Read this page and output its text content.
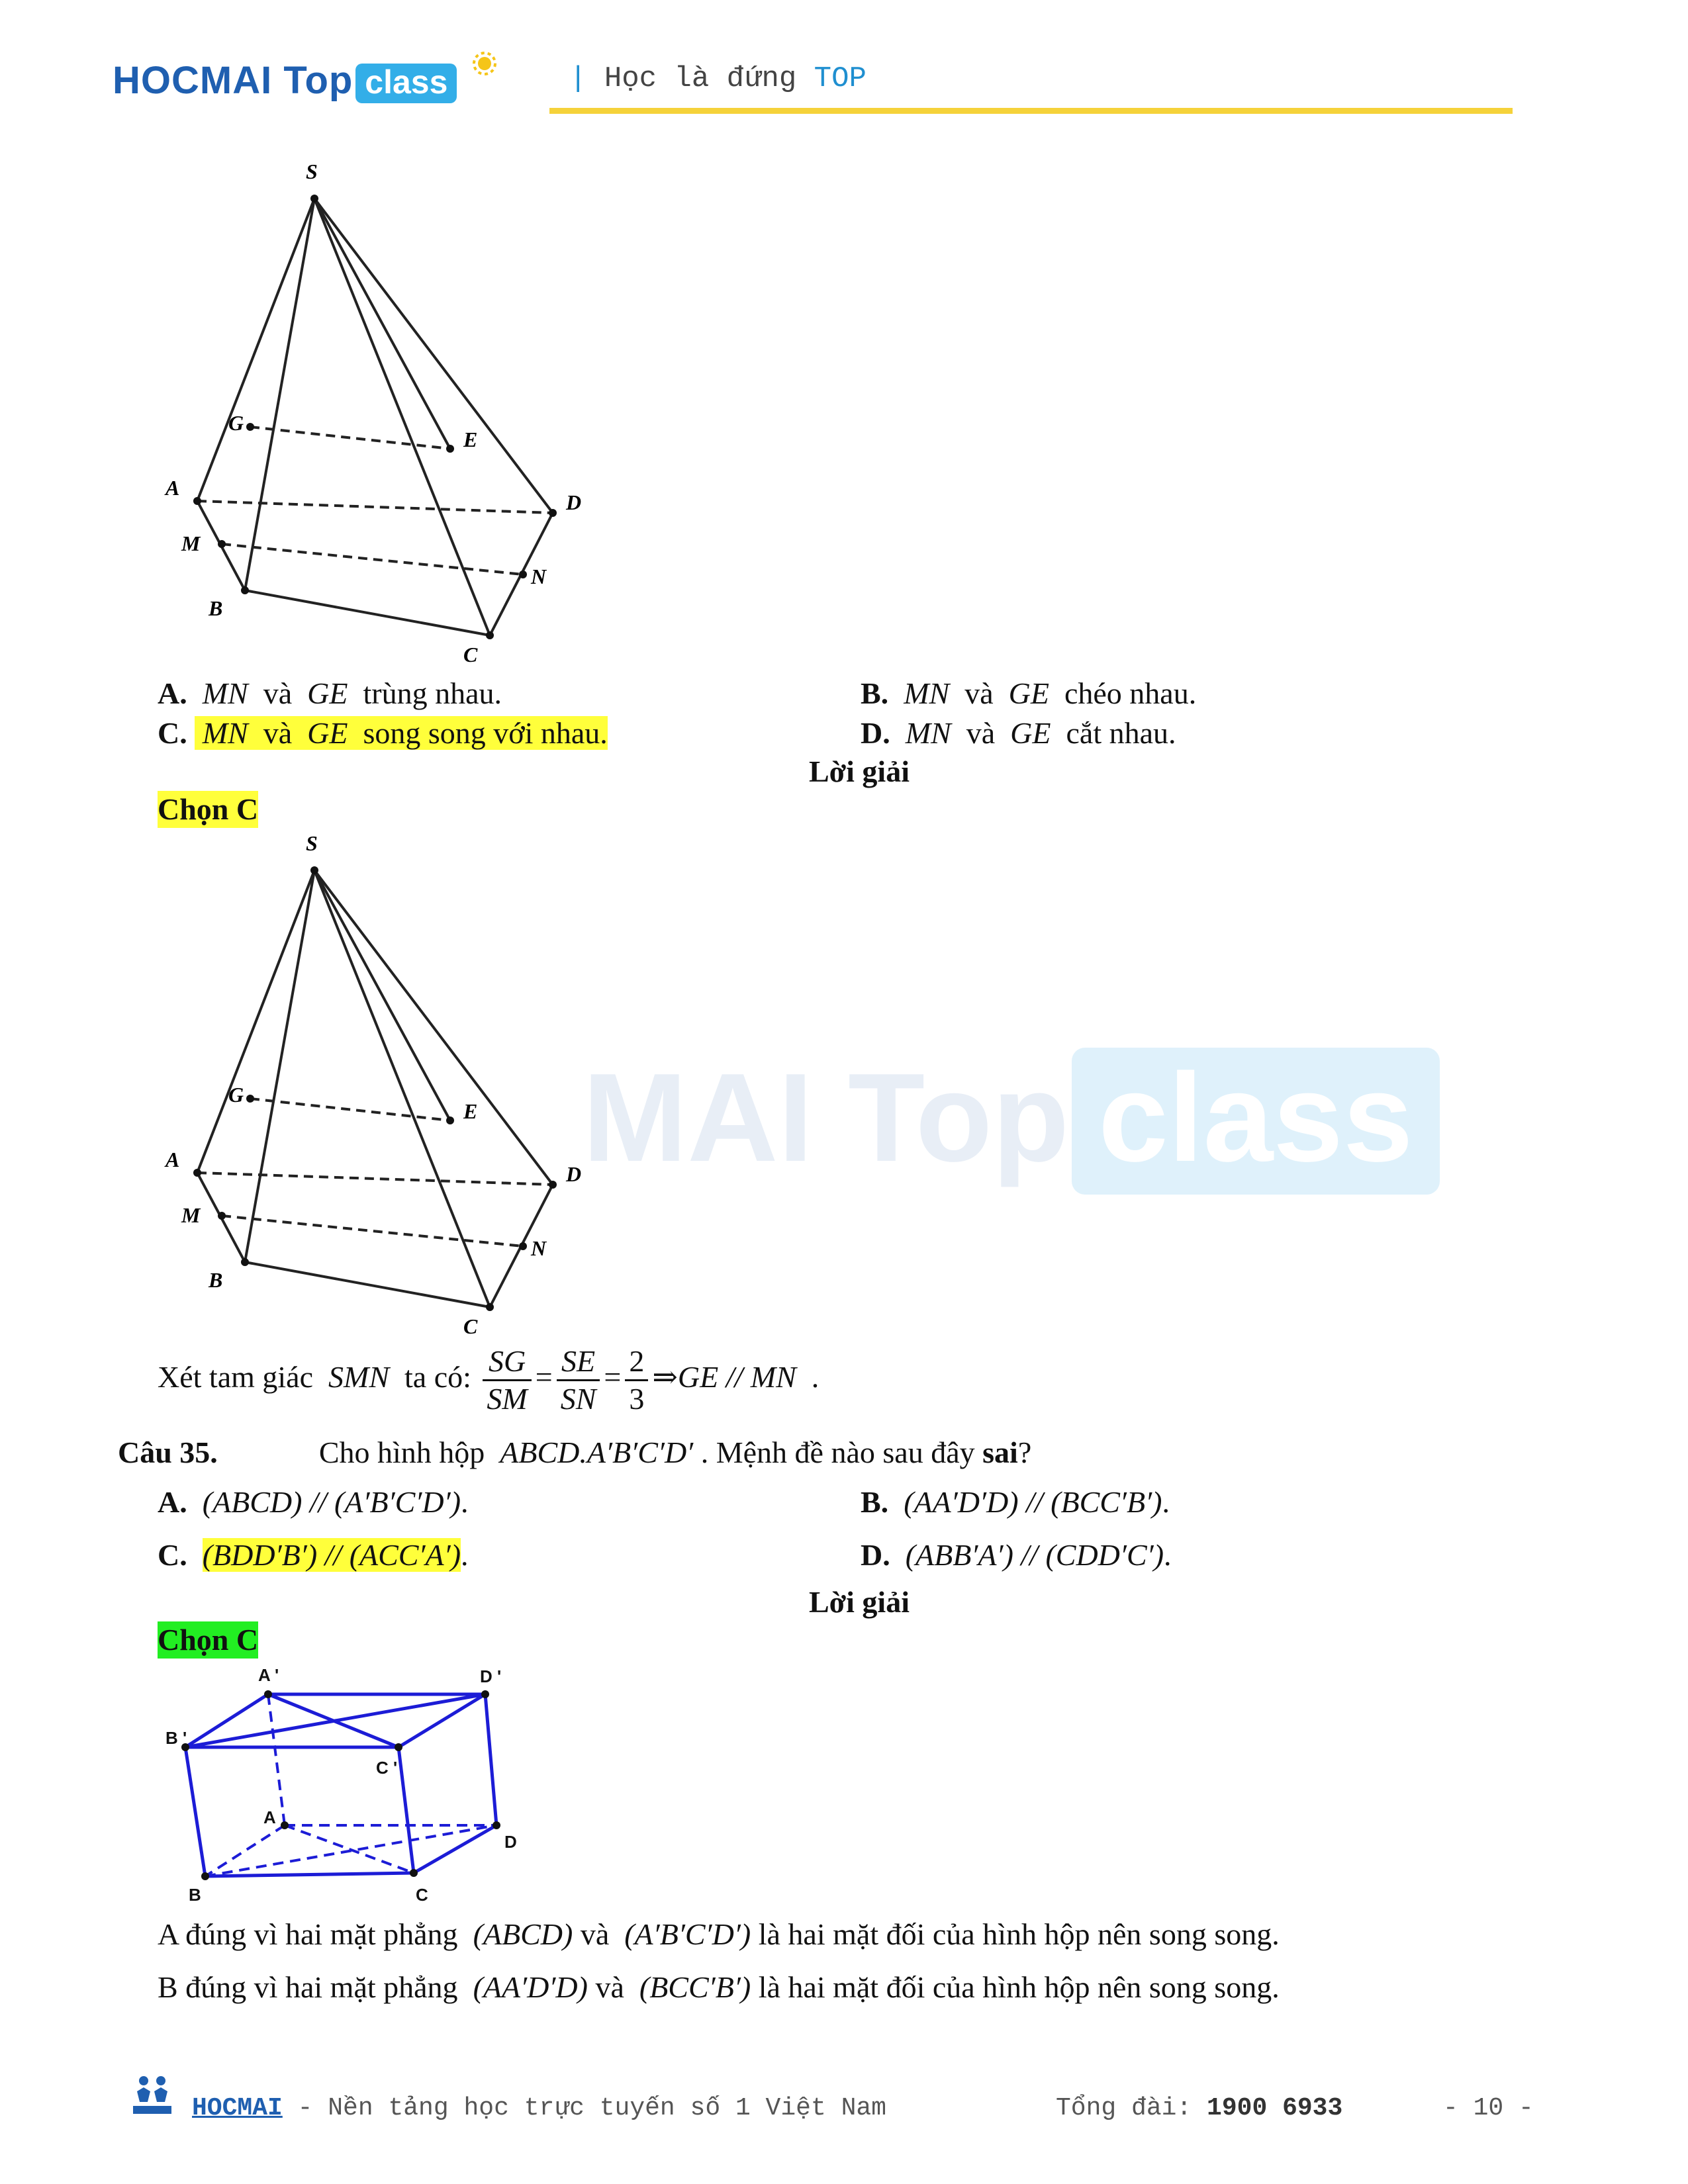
HOCMAI Top class	| Học là đứng TOP
MAI Top class
S
G
E
A
D
M
N
B
C
A. MN và GE trùng nhau.	B. MN và GE chéo nhau.
C. MN và GE song song với nhau.	D. MN và GE cắt nhau.
Lời giải
Chọn C
S
G
E
A
D
M
N
B
C
Xét tam giác SMN ta có: $\frac{SG}{SM} = \frac{SE}{SN} = \frac{2}{3}$ ⇒GE // MN .
Câu 35.	Cho hình hộp ABCD.A′B′C′D′ . Mệnh đề nào sau đây sai?
A. (ABCD) // (A′B′C′D′).	B. (AA′D′D) // (BCC′B′).
C. (BDD′B′) // (ACC′A′).	D. (ABB′A′) // (CDD′C′).
Lời giải
Chọn C
A '	D '
B '
C '
A
D
B	C
A đúng vì hai mặt phẳng (ABCD) và (A′B′C′D′) là hai mặt đối của hình hộp nên song song.
B đúng vì hai mặt phẳng (AA′D′D) và (BCC′B′) là hai mặt đối của hình hộp nên song song.
HOCMAI - Nền tảng học trực tuyến số 1 Việt Nam	Tổng đài: 1900 6933	- 10 -
